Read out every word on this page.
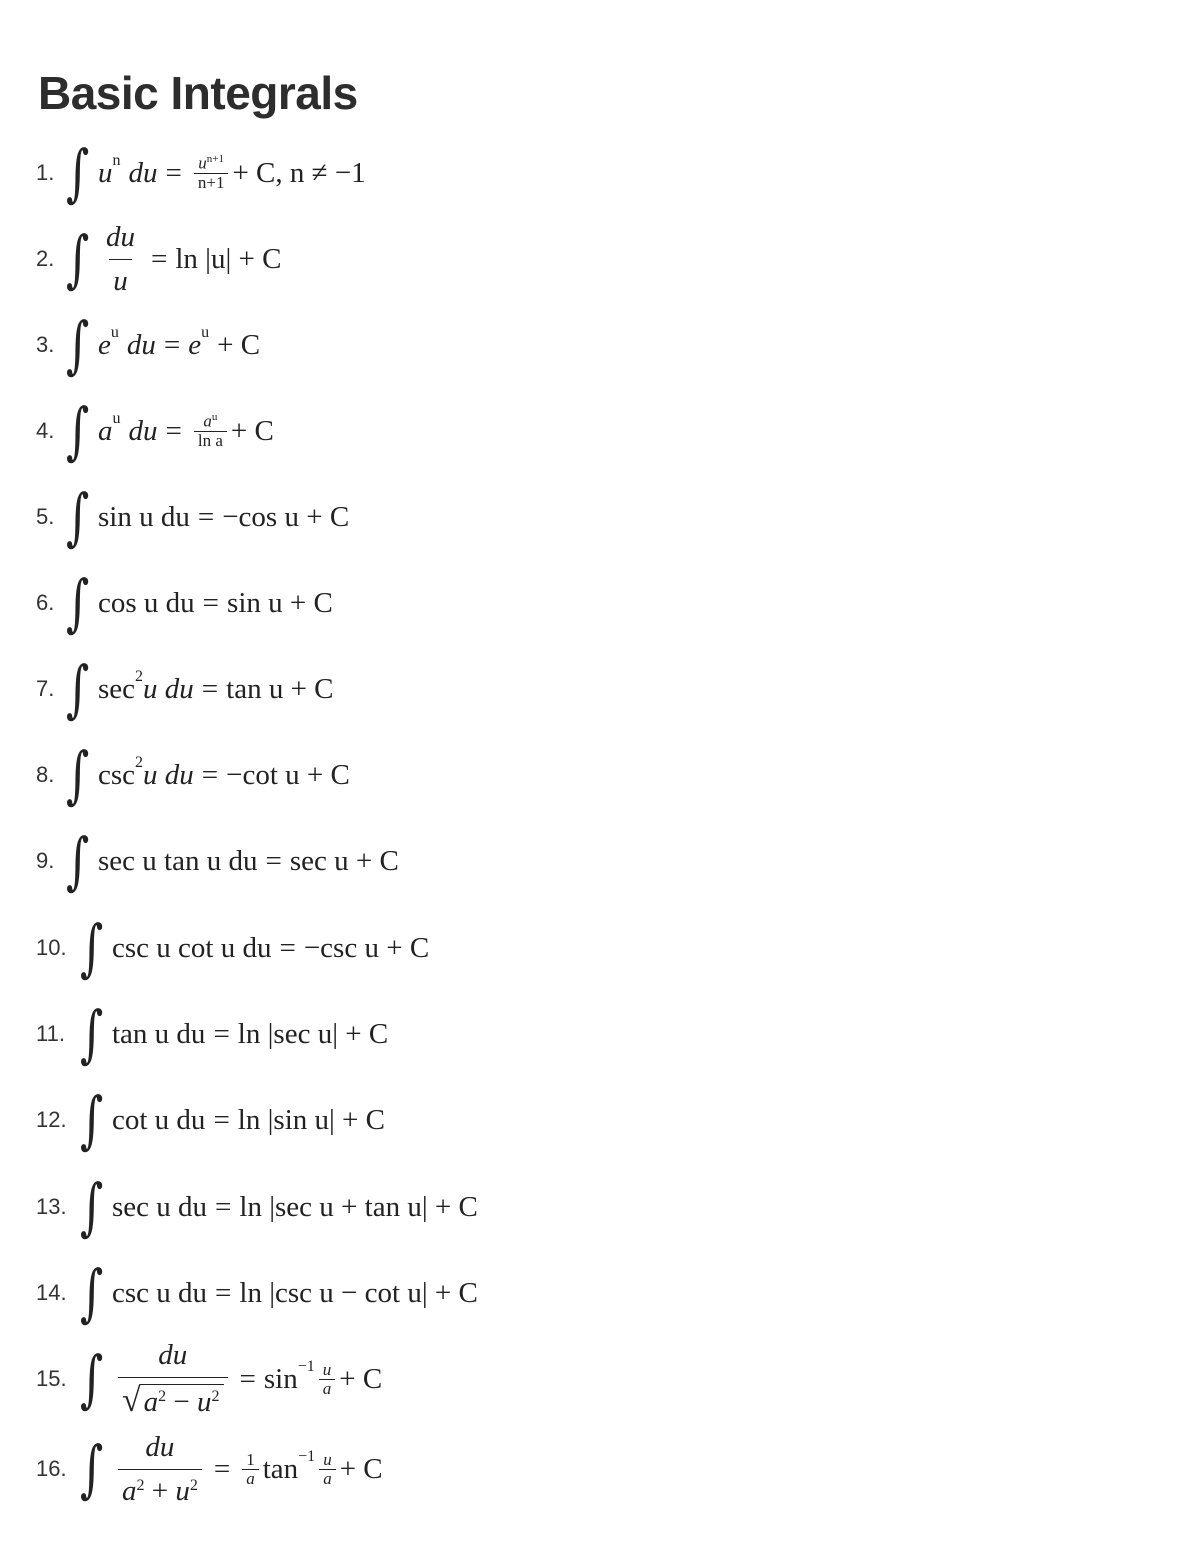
Basic Integrals
1. ∫ $u^n$ du = $\frac{u^{n+1}}{n+1} + C$, n ≠ −1
2. ∫ $\frac{du}{u} = \ln |u| + C$
3. ∫ $e^u$ du = $e^u + C$
4. ∫ $a^u$ du = $\frac{a^u}{\text{ln a}} + C$
5. ∫ sin u du = −cos u + C
6. ∫ cos u du = sin u + C
7. ∫ $\sec^2 u$ du = tan u + C
8. ∫ $\csc^2 u$ du = −cot u + C
9. ∫ sec u tan u du = sec u + C
10. ∫ csc u cot u du = −csc u + C
11. ∫ tan u du = ln |sec u| + C
12. ∫ cot u du = ln |sin u| + C
13. ∫ sec u du = ln |sec u + tan u| + C
14. ∫ csc u du = ln |csc u − cot u| + C
15. ∫ $\frac{du}{√ a^2 - u^2} = \sin^{-1} \frac{u}{a} + C$
16. ∫ $\frac{du}{a^2 + u^2} = \frac{1}{a} \tan^{-1} \frac{u}{a} + C$
